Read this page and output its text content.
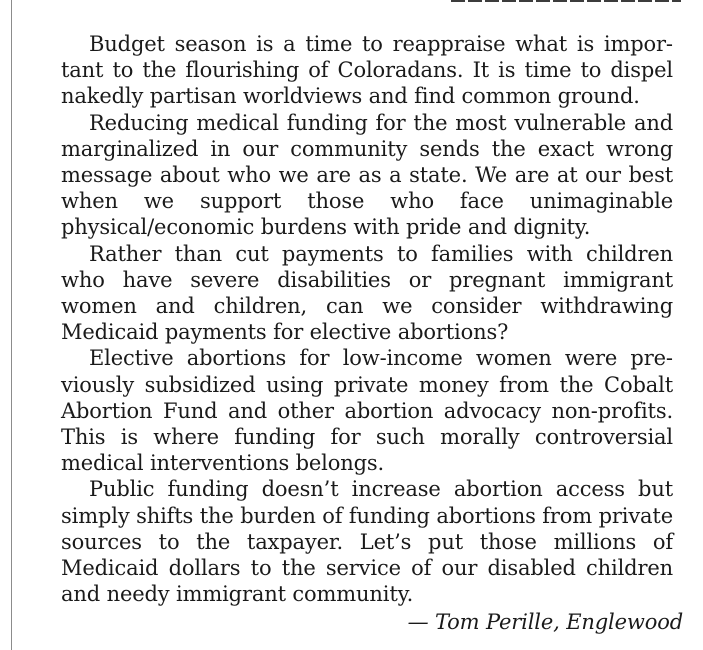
Budget season is a time to reappraise what is important to the flourishing of Coloradans. It is time to dispel nakedly partisan worldviews and find common ground.

Reducing medical funding for the most vulnerable and marginalized in our community sends the exact wrong message about who we are as a state. We are at our best when we support those who face unimaginable physical/economic burdens with pride and dignity.

Rather than cut payments to families with children who have severe disabilities or pregnant immigrant women and children, can we consider withdrawing Medicaid payments for elective abortions?

Elective abortions for low-income women were previously subsidized using private money from the Cobalt Abortion Fund and other abortion advocacy non-profits. This is where funding for such morally controversial medical interventions belongs.

Public funding doesn’t increase abortion access but simply shifts the burden of funding abortions from private sources to the taxpayer. Let’s put those millions of Medicaid dollars to the service of our disabled children and needy immigrant community.

— Tom Perille, Englewood
